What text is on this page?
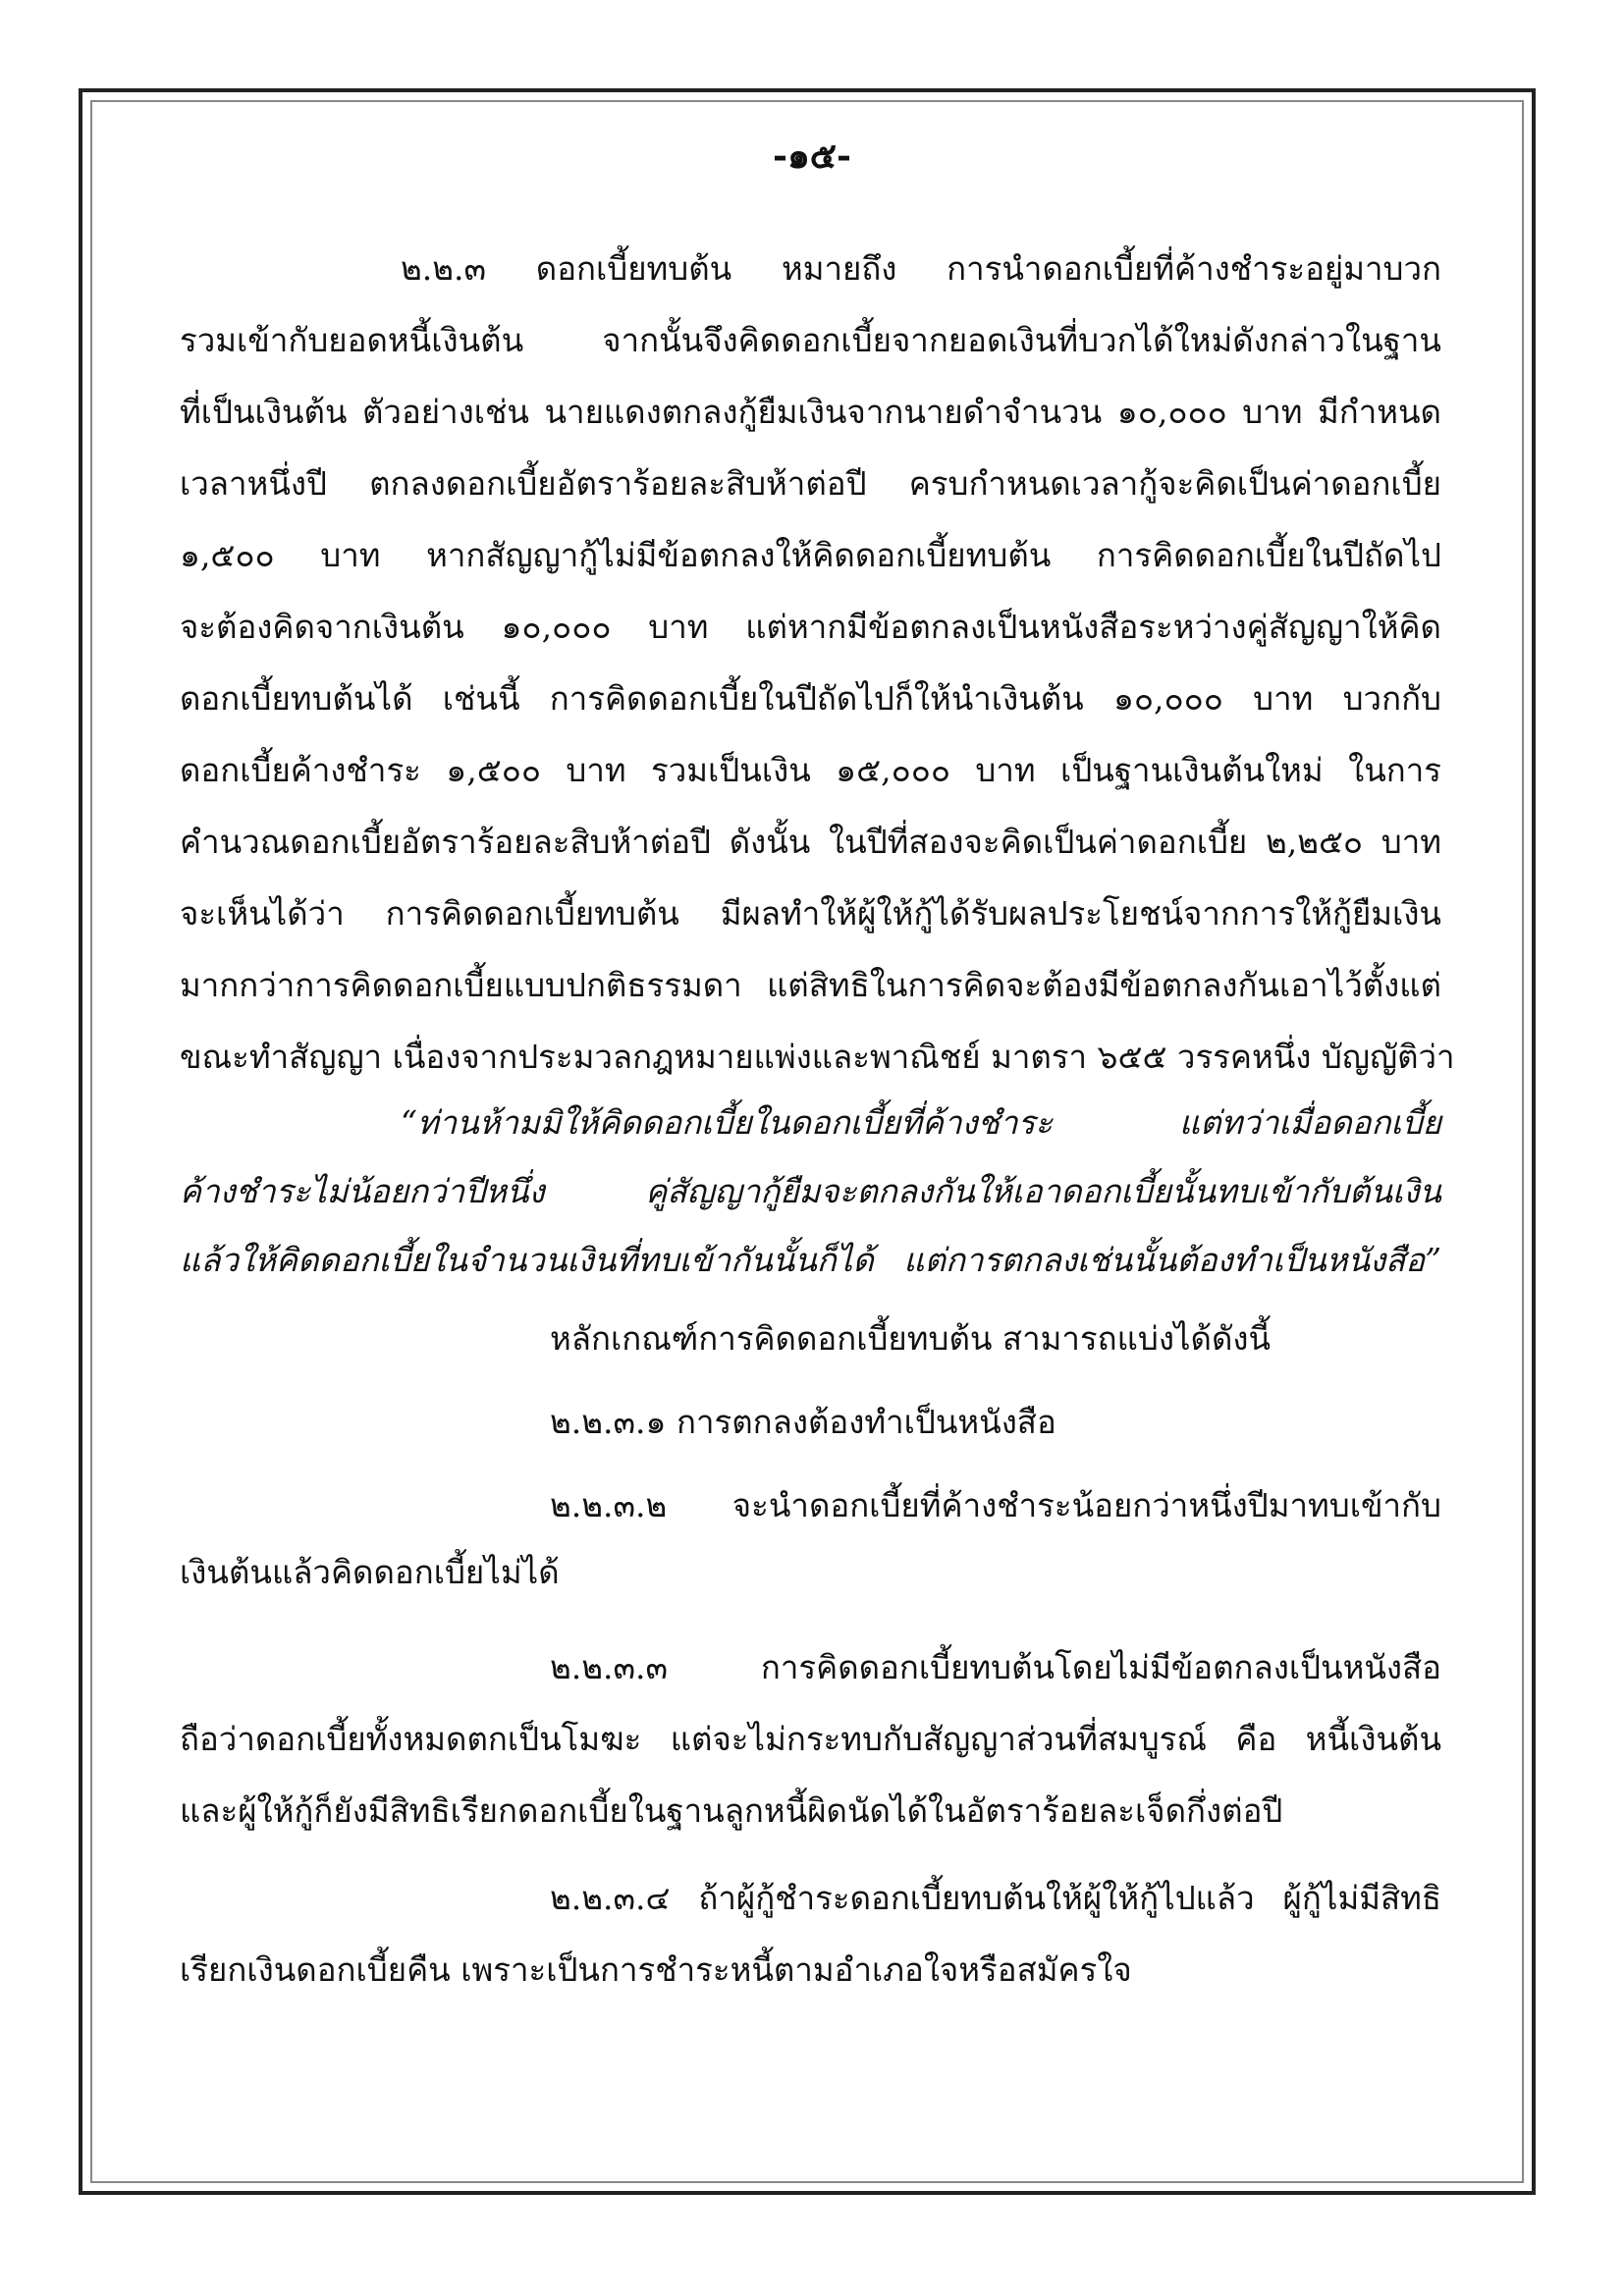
-๑๕-
๒.๒.๓ ดอกเบี้ยทบต้น หมายถึง การนำดอกเบี้ยที่ค้างชำระอยู่มาบวก
รวมเข้ากับยอดหนี้เงินต้น จากนั้นจึงคิดดอกเบี้ยจากยอดเงินที่บวกได้ใหม่ดังกล่าวในฐาน
ที่เป็นเงินต้น ตัวอย่างเช่น นายแดงตกลงกู้ยืมเงินจากนายดำจำนวน ๑๐,๐๐๐ บาท มีกำหนด
เวลาหนึ่งปี ตกลงดอกเบี้ยอัตราร้อยละสิบห้าต่อปี ครบกำหนดเวลากู้จะคิดเป็นค่าดอกเบี้ย
๑,๕๐๐ บาท หากสัญญากู้ไม่มีข้อตกลงให้คิดดอกเบี้ยทบต้น การคิดดอกเบี้ยในปีถัดไป
จะต้องคิดจากเงินต้น ๑๐,๐๐๐ บาท แต่หากมีข้อตกลงเป็นหนังสือระหว่างคู่สัญญาให้คิด
ดอกเบี้ยทบต้นได้ เช่นนี้ การคิดดอกเบี้ยในปีถัดไปก็ให้นำเงินต้น ๑๐,๐๐๐ บาท บวกกับ
ดอกเบี้ยค้างชำระ ๑,๕๐๐ บาท รวมเป็นเงิน ๑๕,๐๐๐ บาท เป็นฐานเงินต้นใหม่ ในการ
คำนวณดอกเบี้ยอัตราร้อยละสิบห้าต่อปี ดังนั้น ในปีที่สองจะคิดเป็นค่าดอกเบี้ย ๒,๒๕๐ บาท
จะเห็นได้ว่า การคิดดอกเบี้ยทบต้น มีผลทำให้ผู้ให้กู้ได้รับผลประโยชน์จากการให้กู้ยืมเงิน
มากกว่าการคิดดอกเบี้ยแบบปกติธรรมดา แต่สิทธิในการคิดจะต้องมีข้อตกลงกันเอาไว้ตั้งแต่
ขณะทำสัญญา เนื่องจากประมวลกฎหมายแพ่งและพาณิชย์ มาตรา ๖๕๕ วรรคหนึ่ง บัญญัติว่า
“ท่านห้ามมิให้คิดดอกเบี้ยในดอกเบี้ยที่ค้างชำระ แต่ทว่าเมื่อดอกเบี้ย
ค้างชำระไม่น้อยกว่าปีหนึ่ง คู่สัญญากู้ยืมจะตกลงกันให้เอาดอกเบี้ยนั้นทบเข้ากับต้นเงิน
แล้วให้คิดดอกเบี้ยในจำนวนเงินที่ทบเข้ากันนั้นก็ได้ แต่การตกลงเช่นนั้นต้องทำเป็นหนังสือ”
หลักเกณฑ์การคิดดอกเบี้ยทบต้น สามารถแบ่งได้ดังนี้
๒.๒.๓.๑ การตกลงต้องทำเป็นหนังสือ
๒.๒.๓.๒ จะนำดอกเบี้ยที่ค้างชำระน้อยกว่าหนึ่งปีมาทบเข้ากับ
เงินต้นแล้วคิดดอกเบี้ยไม่ได้
๒.๒.๓.๓ การคิดดอกเบี้ยทบต้นโดยไม่มีข้อตกลงเป็นหนังสือ
ถือว่าดอกเบี้ยทั้งหมดตกเป็นโมฆะ แต่จะไม่กระทบกับสัญญาส่วนที่สมบูรณ์ คือ หนี้เงินต้น
และผู้ให้กู้ก็ยังมีสิทธิเรียกดอกเบี้ยในฐานลูกหนี้ผิดนัดได้ในอัตราร้อยละเจ็ดกึ่งต่อปี
๒.๒.๓.๔ ถ้าผู้กู้ชำระดอกเบี้ยทบต้นให้ผู้ให้กู้ไปแล้ว ผู้กู้ไม่มีสิทธิ
เรียกเงินดอกเบี้ยคืน เพราะเป็นการชำระหนี้ตามอำเภอใจหรือสมัครใจ
